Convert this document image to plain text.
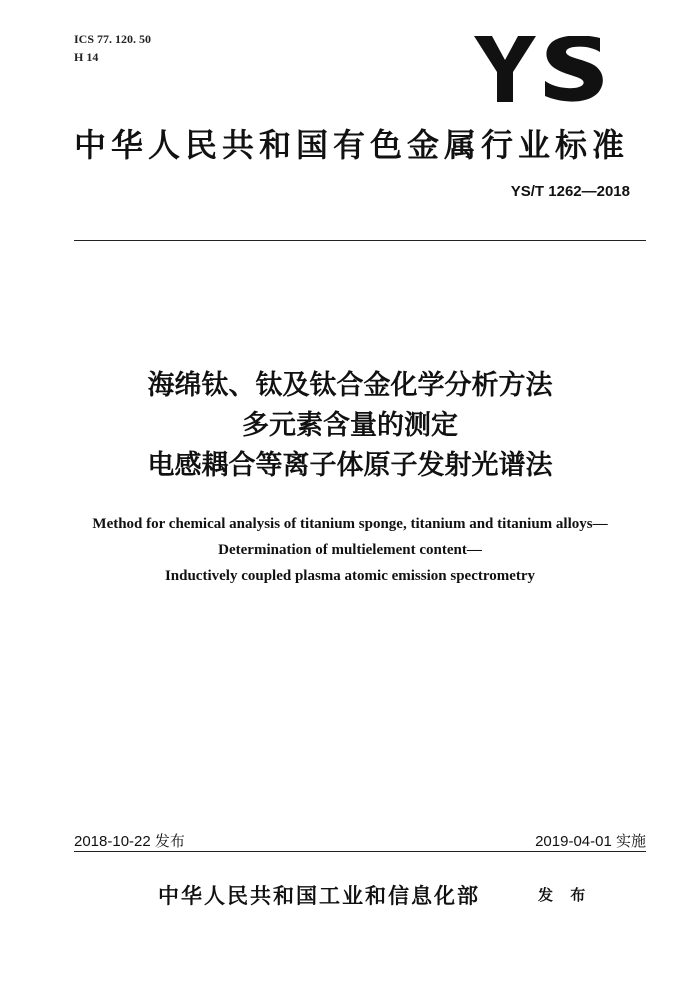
ICS 77. 120. 50
H 14
中华人民共和国有色金属行业标准
YS/T 1262—2018
海绵钛、钛及钛合金化学分析方法
多元素含量的测定
电感耦合等离子体原子发射光谱法
Method for chemical analysis of titanium sponge, titanium and titanium alloys—
Determination of multielement content—
Inductively coupled plasma atomic emission spectrometry
2018-10-22 发布	2019-04-01 实施
中华人民共和国工业和信息化部	发 布
